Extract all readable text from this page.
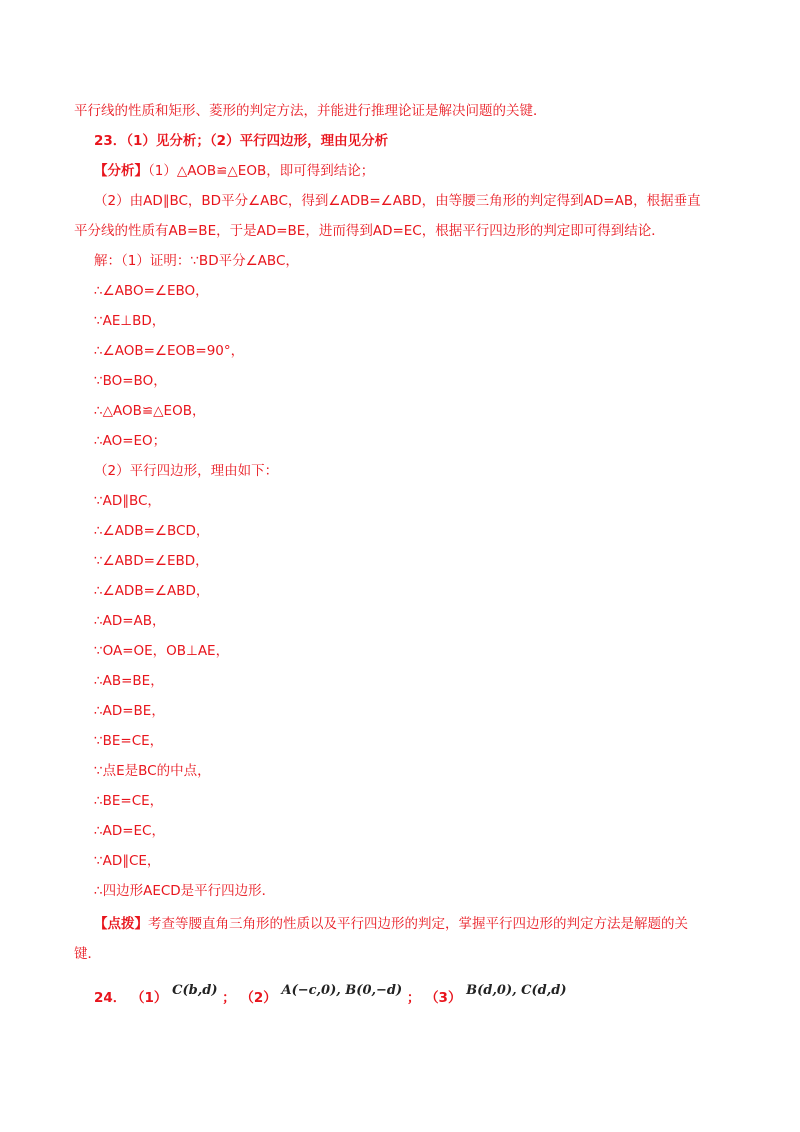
平行线的性质和矩形、菱形的判定方法，并能进行推理论证是解决问题的关键．
23．（1）见分析；（2）平行四边形，理由见分析
【分析】（1）△AOB≌△EOB，即可得到结论；
（2）由AD∥BC，BD平分∠ABC，得到∠ADB=∠ABD，由等腰三角形的判定得到AD=AB，根据垂直
平分线的性质有AB=BE，于是AD=BE，进而得到AD=EC，根据平行四边形的判定即可得到结论．
解：（1）证明：∵BD平分∠ABC，
∴∠ABO=∠EBO，
∵AE⊥BD，
∴∠AOB=∠EOB=90°，
∵BO=BO，
∴△AOB≌△EOB，
∴AO=EO；
（2）平行四边形，理由如下：
∵AD∥BC，
∴∠ADB=∠BCD，
∵∠ABD=∠EBD，
∴∠ADB=∠ABD，
∴AD=AB，
∵OA=OE，OB⊥AE，
∴AB=BE，
∴AD=BE，
∵BE=CE，
∵点E是BC的中点，
∴BE=CE，
∴AD=EC，
∵AD∥CE，
∴四边形AECD是平行四边形．
【点拨】考查等腰直角三角形的性质以及平行四边形的判定，掌握平行四边形的判定方法是解题的关
键．
24． （1） C(b,d) ； （2） A(−c,0), B(0,−d) ； （3） B(d,0), C(d,d)
